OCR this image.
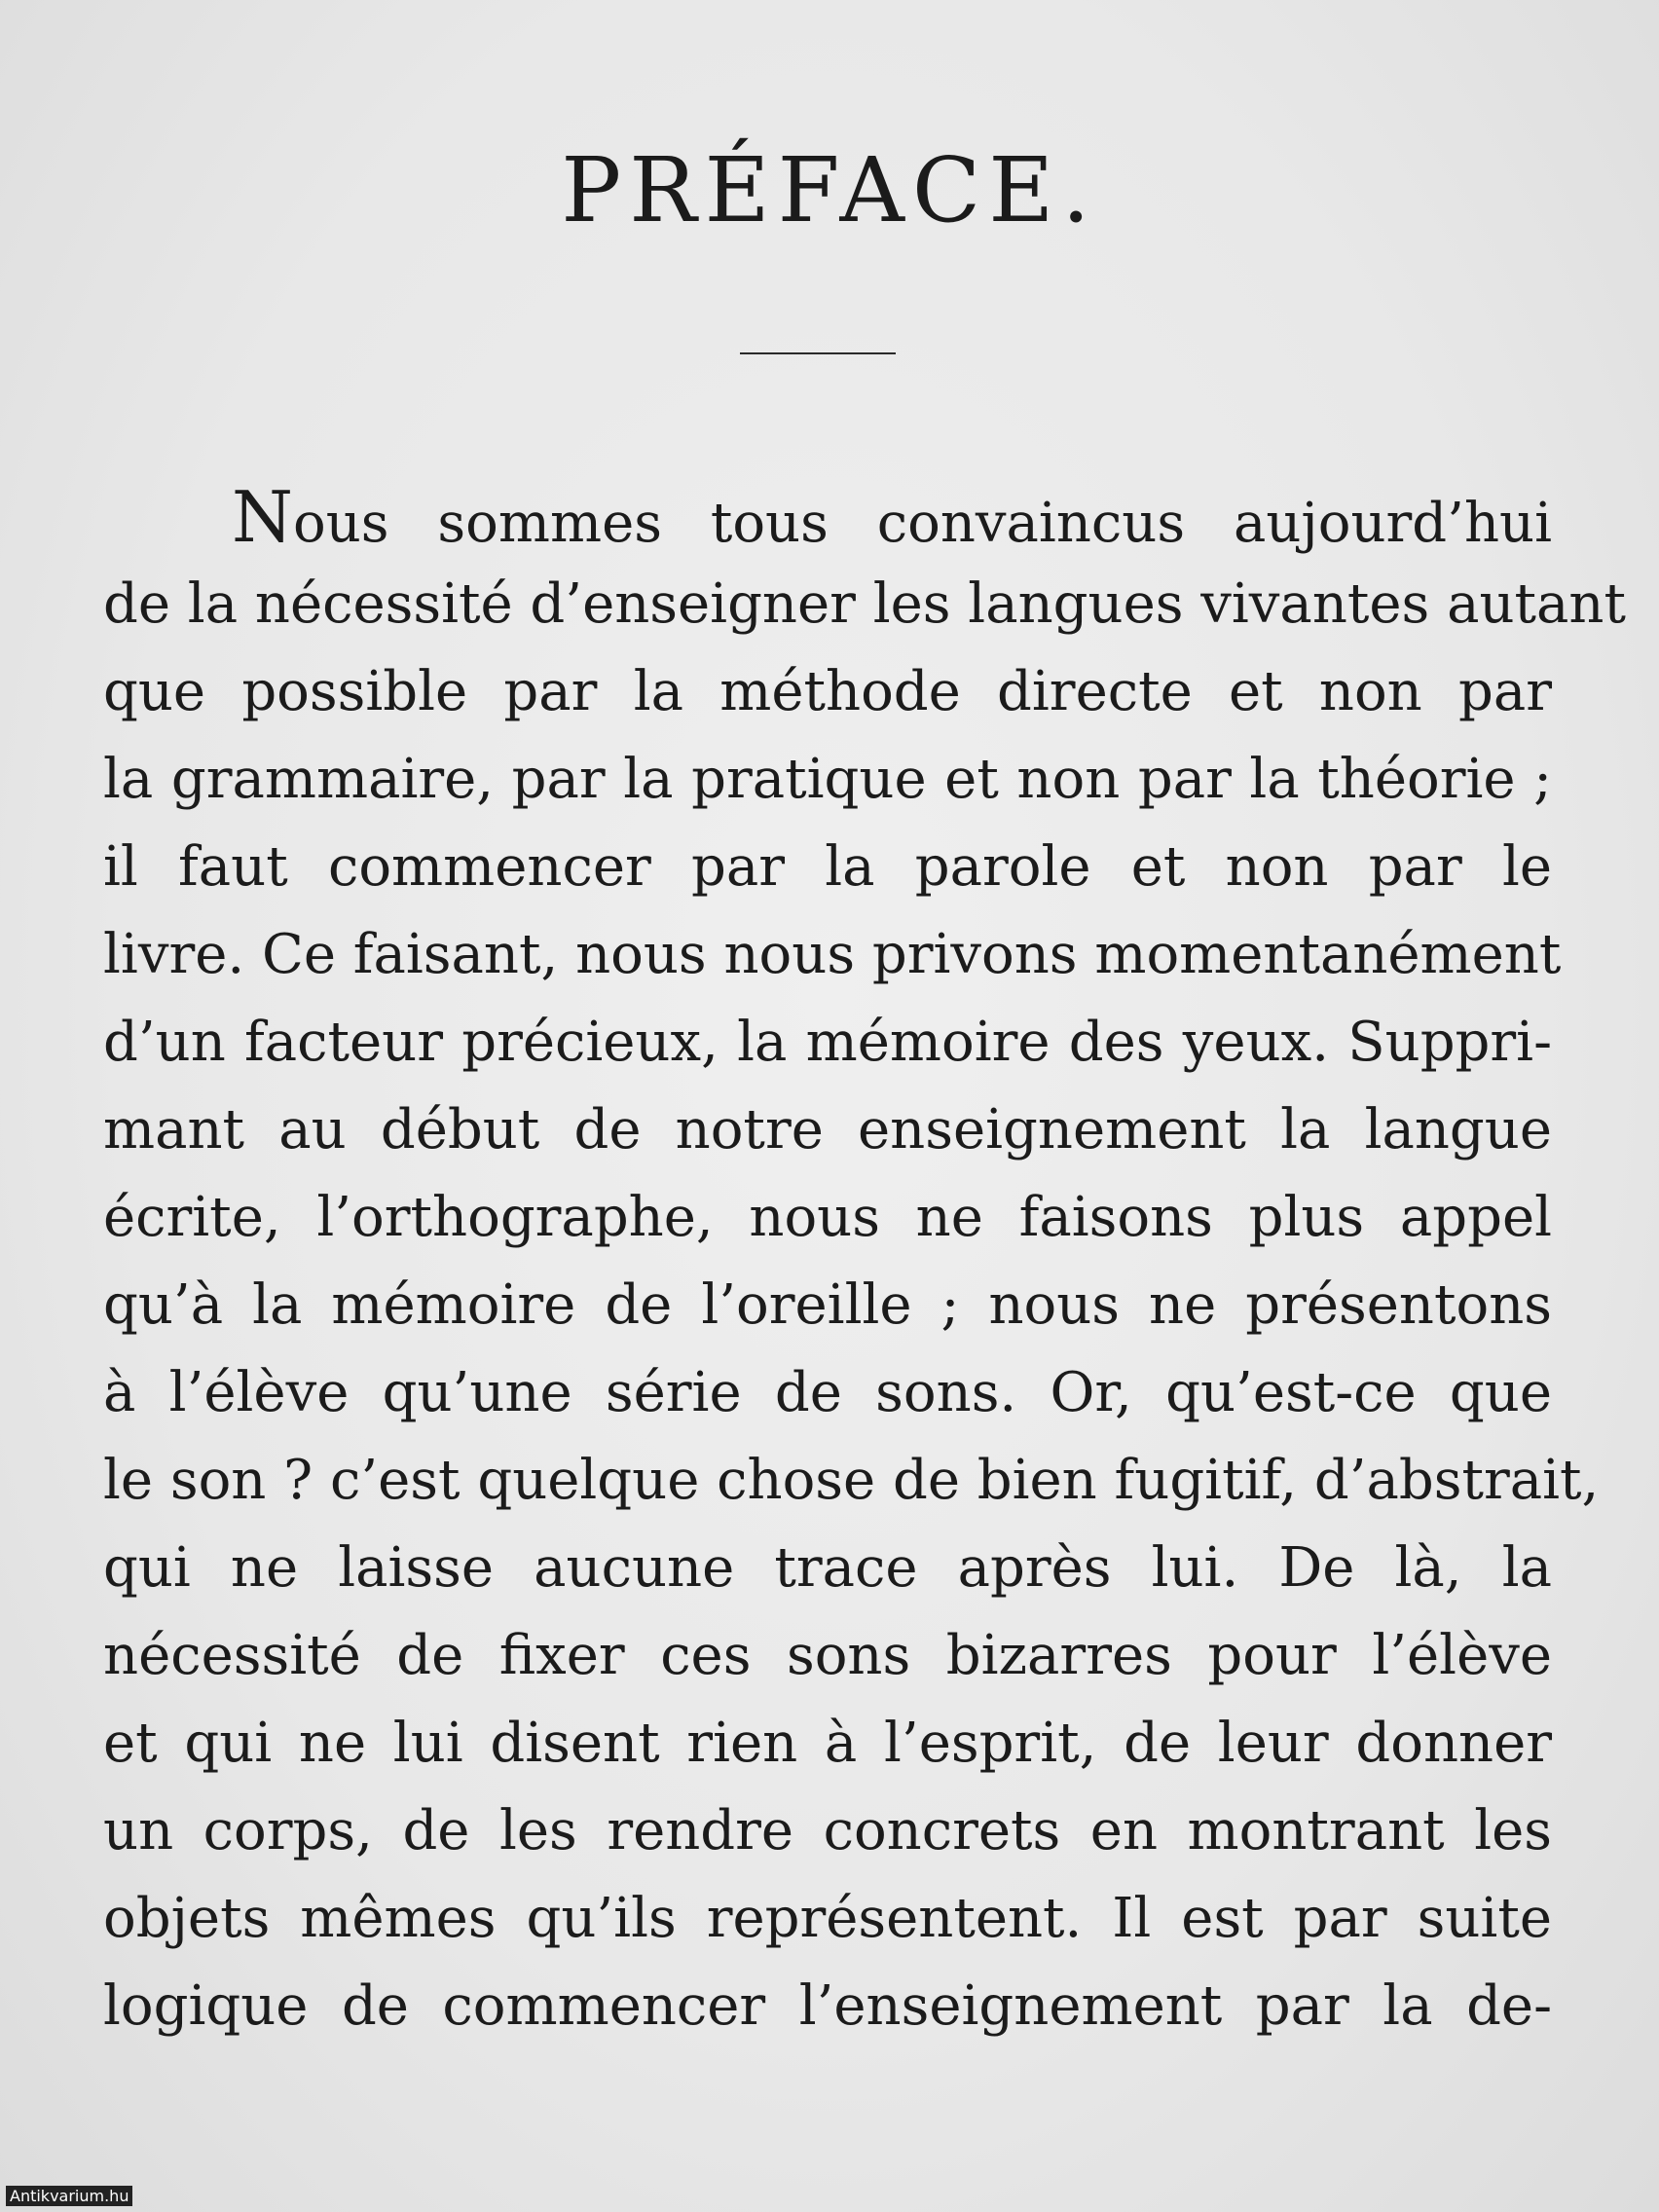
PRÉFACE.
Nous sommes tous convaincus aujourd’hui
de la nécessité d’enseigner les langues vivantes autant
que possible par la méthode directe et non par
la grammaire, par la pratique et non par la théorie ;
il faut commencer par la parole et non par le
livre. Ce faisant, nous nous privons momentanément
d’un facteur précieux, la mémoire des yeux. Suppri-
mant au début de notre enseignement la langue
écrite, l’orthographe, nous ne faisons plus appel
qu’à la mémoire de l’oreille ; nous ne présentons
à l’élève qu’une série de sons. Or, qu’est-ce que
le son ? c’est quelque chose de bien fugitif, d’abstrait,
qui ne laisse aucune trace après lui. De là, la
nécessité de fixer ces sons bizarres pour l’élève
et qui ne lui disent rien à l’esprit, de leur donner
un corps, de les rendre concrets en montrant les
objets mêmes qu’ils représentent. Il est par suite
logique de commencer l’enseignement par la de-
Antikvarium.hu
